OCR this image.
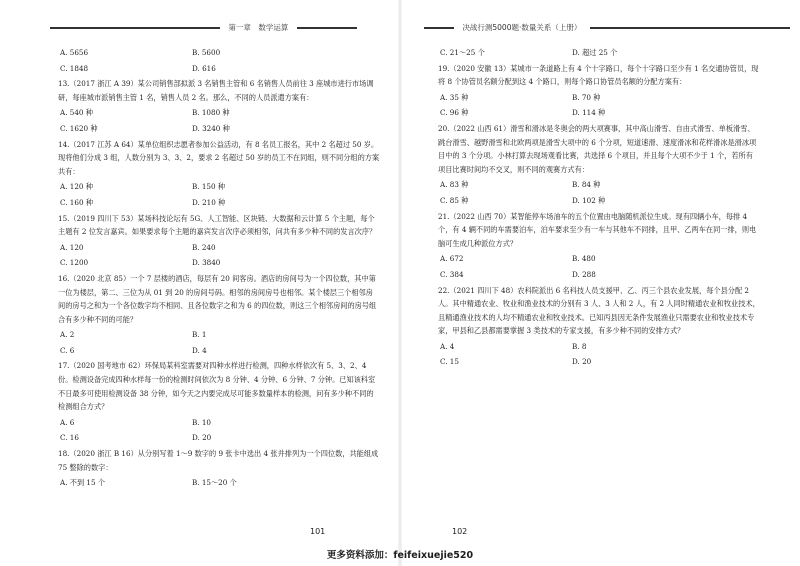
第一章　数学运算
A. 5656	B. 5600
C. 1848	D. 616

13.（2017 浙江 A 39）某公司销售部拟派 3 名销售主管和 6 名销售人员前往 3 座城市进行市场调研，每座城市派销售主管 1 名，销售人员 2 名。那么，不同的人员派遣方案有：

A. 540 种	B. 1080 种
C. 1620 种	D. 3240 种

14.（2017 江苏 A 64）某单位组织志愿者参加公益活动，有 8 名员工报名，其中 2 名超过 50 岁。现将他们分成 3 组，人数分别为 3、3、2，要求 2 名超过 50 岁的员工不在同组，则不同分组的方案共有：

A. 120 种	B. 150 种
C. 160 种	D. 210 种

15.（2019 四川下 53）某场科技论坛有 5G、人工智能、区块链、大数据和云计算 5 个主题，每个主题有 2 位发言嘉宾。如果要求每个主题的嘉宾发言次序必须相邻，问共有多少种不同的发言次序？

A. 120	B. 240
C. 1200	D. 3840

16.（2020 北京 85）一个 7 层楼的酒店，每层有 20 间客房。酒店的房间号为一个四位数，其中第一位为楼层，第二、三位为从 01 到 20 的房间号码。相邻的房间房号也相邻。某个楼层三个相邻房间的房号之和为一个各位数字均不相同、且各位数字之和为 6 的四位数，则这三个相邻房间的房号组合有多少种不同的可能？

A. 2	B. 1
C. 6	D. 4

17.（2020 国考地市 62）环保局某科室需要对四种水样进行检测，四种水样依次有 5、3、2、4 份。检测设备完成四种水样每一份的检测时间依次为 8 分钟、4 分钟、6 分钟、7 分钟。已知该科室不日最多可使用检测设备 38 分钟，如今天之内要完成尽可能多数量样本的检测，问有多少种不同的检测组合方式？

A. 6	B. 10
C. 16	D. 20

18.（2020 浙江 B 16）从分别写着 1～9 数字的 9 张卡中选出 4 张并排列为一个四位数，共能组成 75 整除的数字：

A. 不到 15 个	B. 15～20 个
101
决战行测5000题·数量关系（上册）
C. 21～25 个	D. 超过 25 个

19.（2020 安徽 13）某城市一条道路上有 4 个十字路口，每个十字路口至少有 1 名交通协管员，现将 8 个协管员名额分配到这 4 个路口，则每个路口协管员名额的分配方案有：

A. 35 种	B. 70 种
C. 96 种	D. 114 种

20.（2022 山西 61）滑雪和滑冰是冬奥会的两大项赛事，其中高山滑雪、自由式滑雪、单板滑雪、跳台滑雪、越野滑雪和北欧两项是滑雪大项中的 6 个分项，短道速滑、速度滑冰和花样滑冰是滑冰项目中的 3 个分项。小林打算去现场观看比赛，共选择 6 个项目，并且每个大项不少于 1 个，若所有项目比赛时间均不交叉，则不同的观赛方式有：

A. 83 种	B. 84 种
C. 85 种	D. 102 种

21.（2022 山西 70）某智能停车场油车的五个位置由电脑随机派位生成。现有四辆小车，每排 4 个，有 4 辆不同的车需要泊车，泊车要求至少有一车与其他车不同排，且甲、乙两车在同一排，则电脑可生成几种派位方式？

A. 672	B. 480
C. 384	D. 288

22.（2021 四川下 48）农科院派出 6 名科技人员支援甲、乙、丙三个县农业发展，每个县分配 2 人。其中精通农业、牧业和渔业技术的分别有 3 人、3 人和 2 人，有 2 人同时精通农业和牧业技术，且精通渔业技术的人均不精通农业和牧业技术。已知丙县因无条件发展渔业只需要农业和牧业技术专家，甲县和乙县都需要掌握 3 类技术的专家支援，有多少种不同的安排方式？

A. 4	B. 8
C. 15	D. 20
102
更多资料添加：feifeixuejie520
